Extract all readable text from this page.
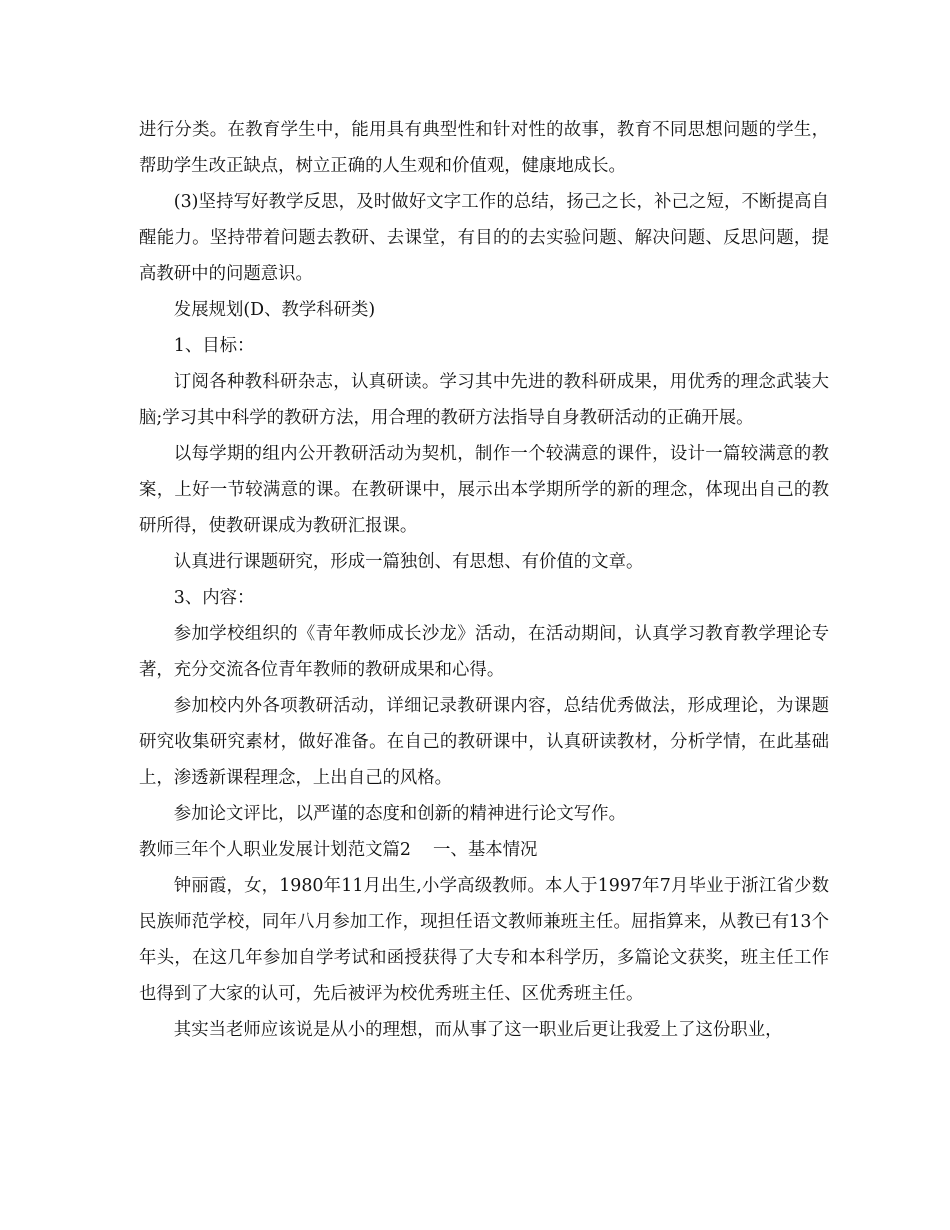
进行分类。在教育学生中，能用具有典型性和针对性的故事，教育不同思想问题的学生，帮助学生改正缺点，树立正确的人生观和价值观，健康地成长。

(3)坚持写好教学反思，及时做好文字工作的总结，扬己之长，补己之短，不断提高自醒能力。坚持带着问题去教研、去课堂，有目的的去实验问题、解决问题、反思问题，提高教研中的问题意识。

发展规划(D、教学科研类)

1、目标：

订阅各种教科研杂志，认真研读。学习其中先进的教科研成果，用优秀的理念武装大脑;学习其中科学的教研方法，用合理的教研方法指导自身教研活动的正确开展。

以每学期的组内公开教研活动为契机，制作一个较满意的课件，设计一篇较满意的教案，上好一节较满意的课。在教研课中，展示出本学期所学的新的理念，体现出自己的教研所得，使教研课成为教研汇报课。

认真进行课题研究，形成一篇独创、有思想、有价值的文章。

3、内容：

参加学校组织的《青年教师成长沙龙》活动，在活动期间，认真学习教育教学理论专著，充分交流各位青年教师的教研成果和心得。

参加校内外各项教研活动，详细记录教研课内容，总结优秀做法，形成理论，为课题研究收集研究素材，做好准备。在自己的教研课中，认真研读教材，分析学情，在此基础上，渗透新课程理念，上出自己的风格。

参加论文评比，以严谨的态度和创新的精神进行论文写作。

教师三年个人职业发展计划范文篇2    一、基本情况

钟丽霞，女，1980年11月出生,小学高级教师。本人于1997年7月毕业于浙江省少数民族师范学校，同年八月参加工作，现担任语文教师兼班主任。屈指算来，从教已有13个年头，在这几年参加自学考试和函授获得了大专和本科学历，多篇论文获奖，班主任工作也得到了大家的认可，先后被评为校优秀班主任、区优秀班主任。

其实当老师应该说是从小的理想，而从事了这一职业后更让我爱上了这份职业，
